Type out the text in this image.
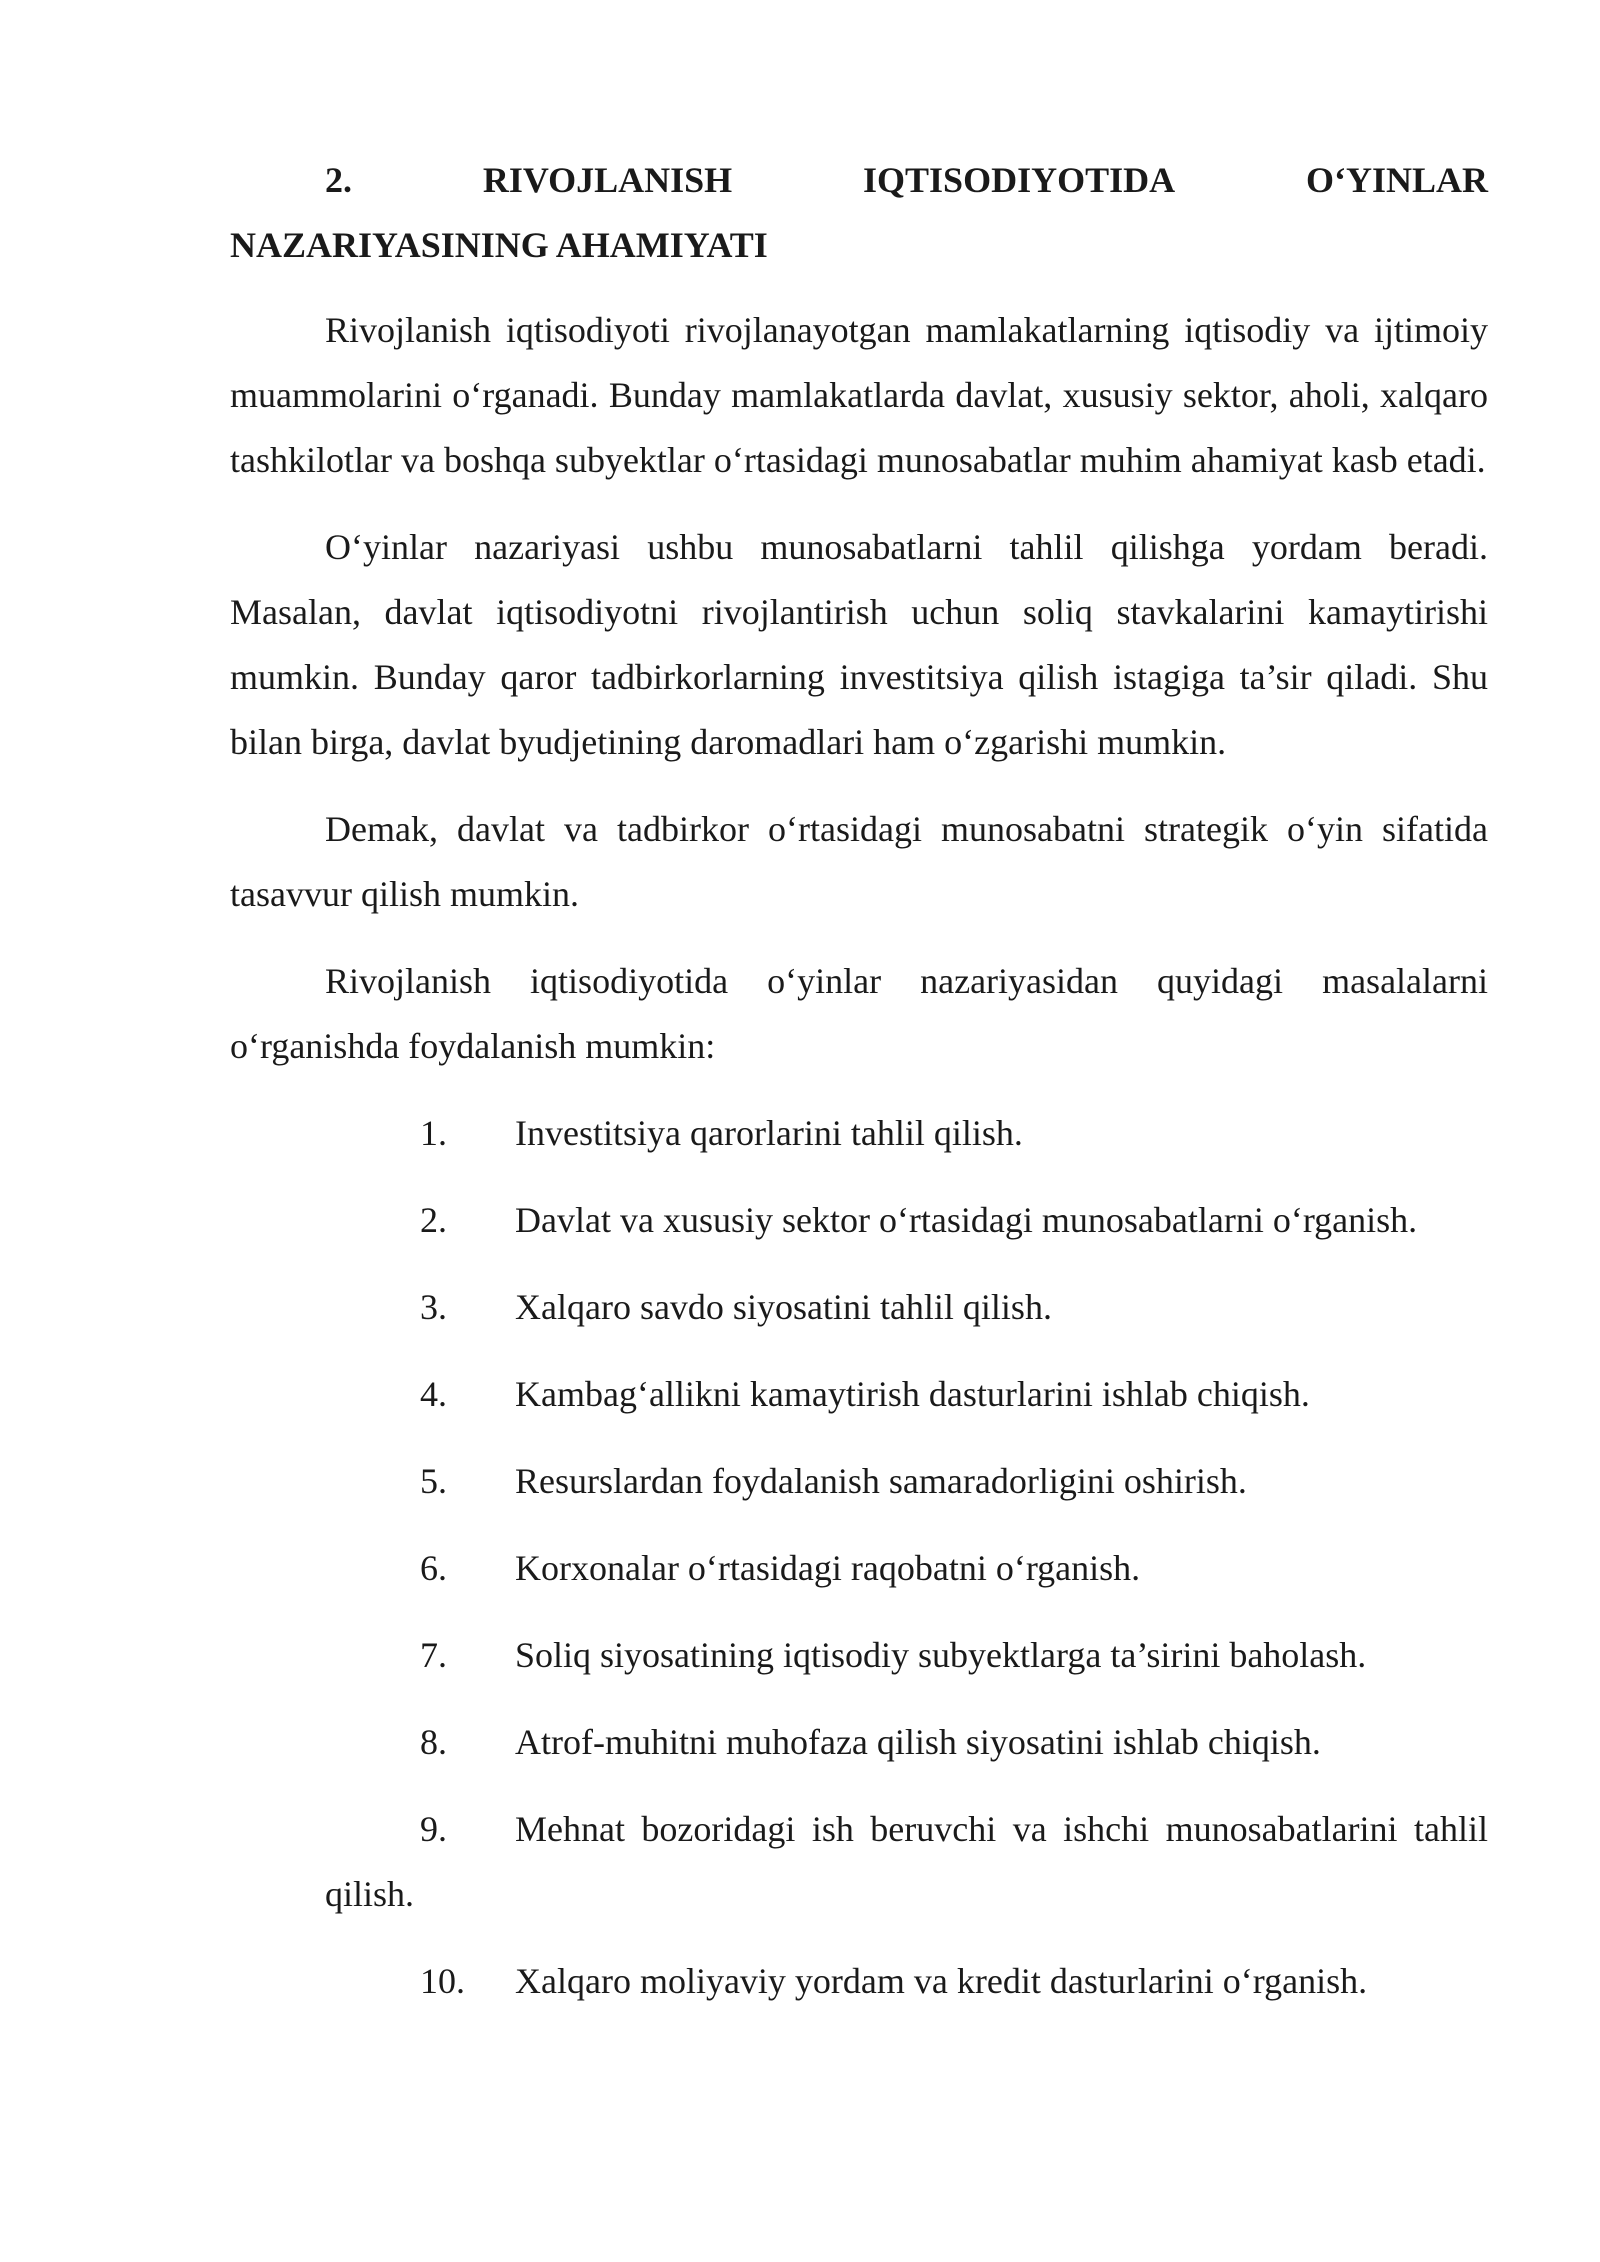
2.	RIVOJLANISH	IQTISODIYOTIDA	O‘YINLAR
NAZARIYASINING AHAMIYATI

Rivojlanish iqtisodiyoti rivojlanayotgan mamlakatlarning iqtisodiy va ijtimoiy muammolarini o‘rganadi. Bunday mamlakatlarda davlat, xususiy sektor, aholi, xalqaro tashkilotlar va boshqa subyektlar o‘rtasidagi munosabatlar muhim ahamiyat kasb etadi.

O‘yinlar nazariyasi ushbu munosabatlarni tahlil qilishga yordam beradi. Masalan, davlat iqtisodiyotni rivojlantirish uchun soliq stavkalarini kamaytirishi mumkin. Bunday qaror tadbirkorlarning investitsiya qilish istagiga ta’sir qiladi. Shu bilan birga, davlat byudjetining daromadlari ham o‘zgarishi mumkin.

Demak, davlat va tadbirkor o‘rtasidagi munosabatni strategik o‘yin sifatida tasavvur qilish mumkin.

Rivojlanish iqtisodiyotida o‘yinlar nazariyasidan quyidagi masalalarni o‘rganishda foydalanish mumkin:

1.	Investitsiya qarorlarini tahlil qilish.
2.	Davlat va xususiy sektor o‘rtasidagi munosabatlarni o‘rganish.
3.	Xalqaro savdo siyosatini tahlil qilish.
4.	Kambag‘allikni kamaytirish dasturlarini ishlab chiqish.
5.	Resurslardan foydalanish samaradorligini oshirish.
6.	Korxonalar o‘rtasidagi raqobatni o‘rganish.
7.	Soliq siyosatining iqtisodiy subyektlarga ta’sirini baholash.
8.	Atrof-muhitni muhofaza qilish siyosatini ishlab chiqish.
9.	Mehnat bozoridagi ish beruvchi va ishchi munosabatlarini tahlil
qilish.
10.	Xalqaro moliyaviy yordam va kredit dasturlarini o‘rganish.
